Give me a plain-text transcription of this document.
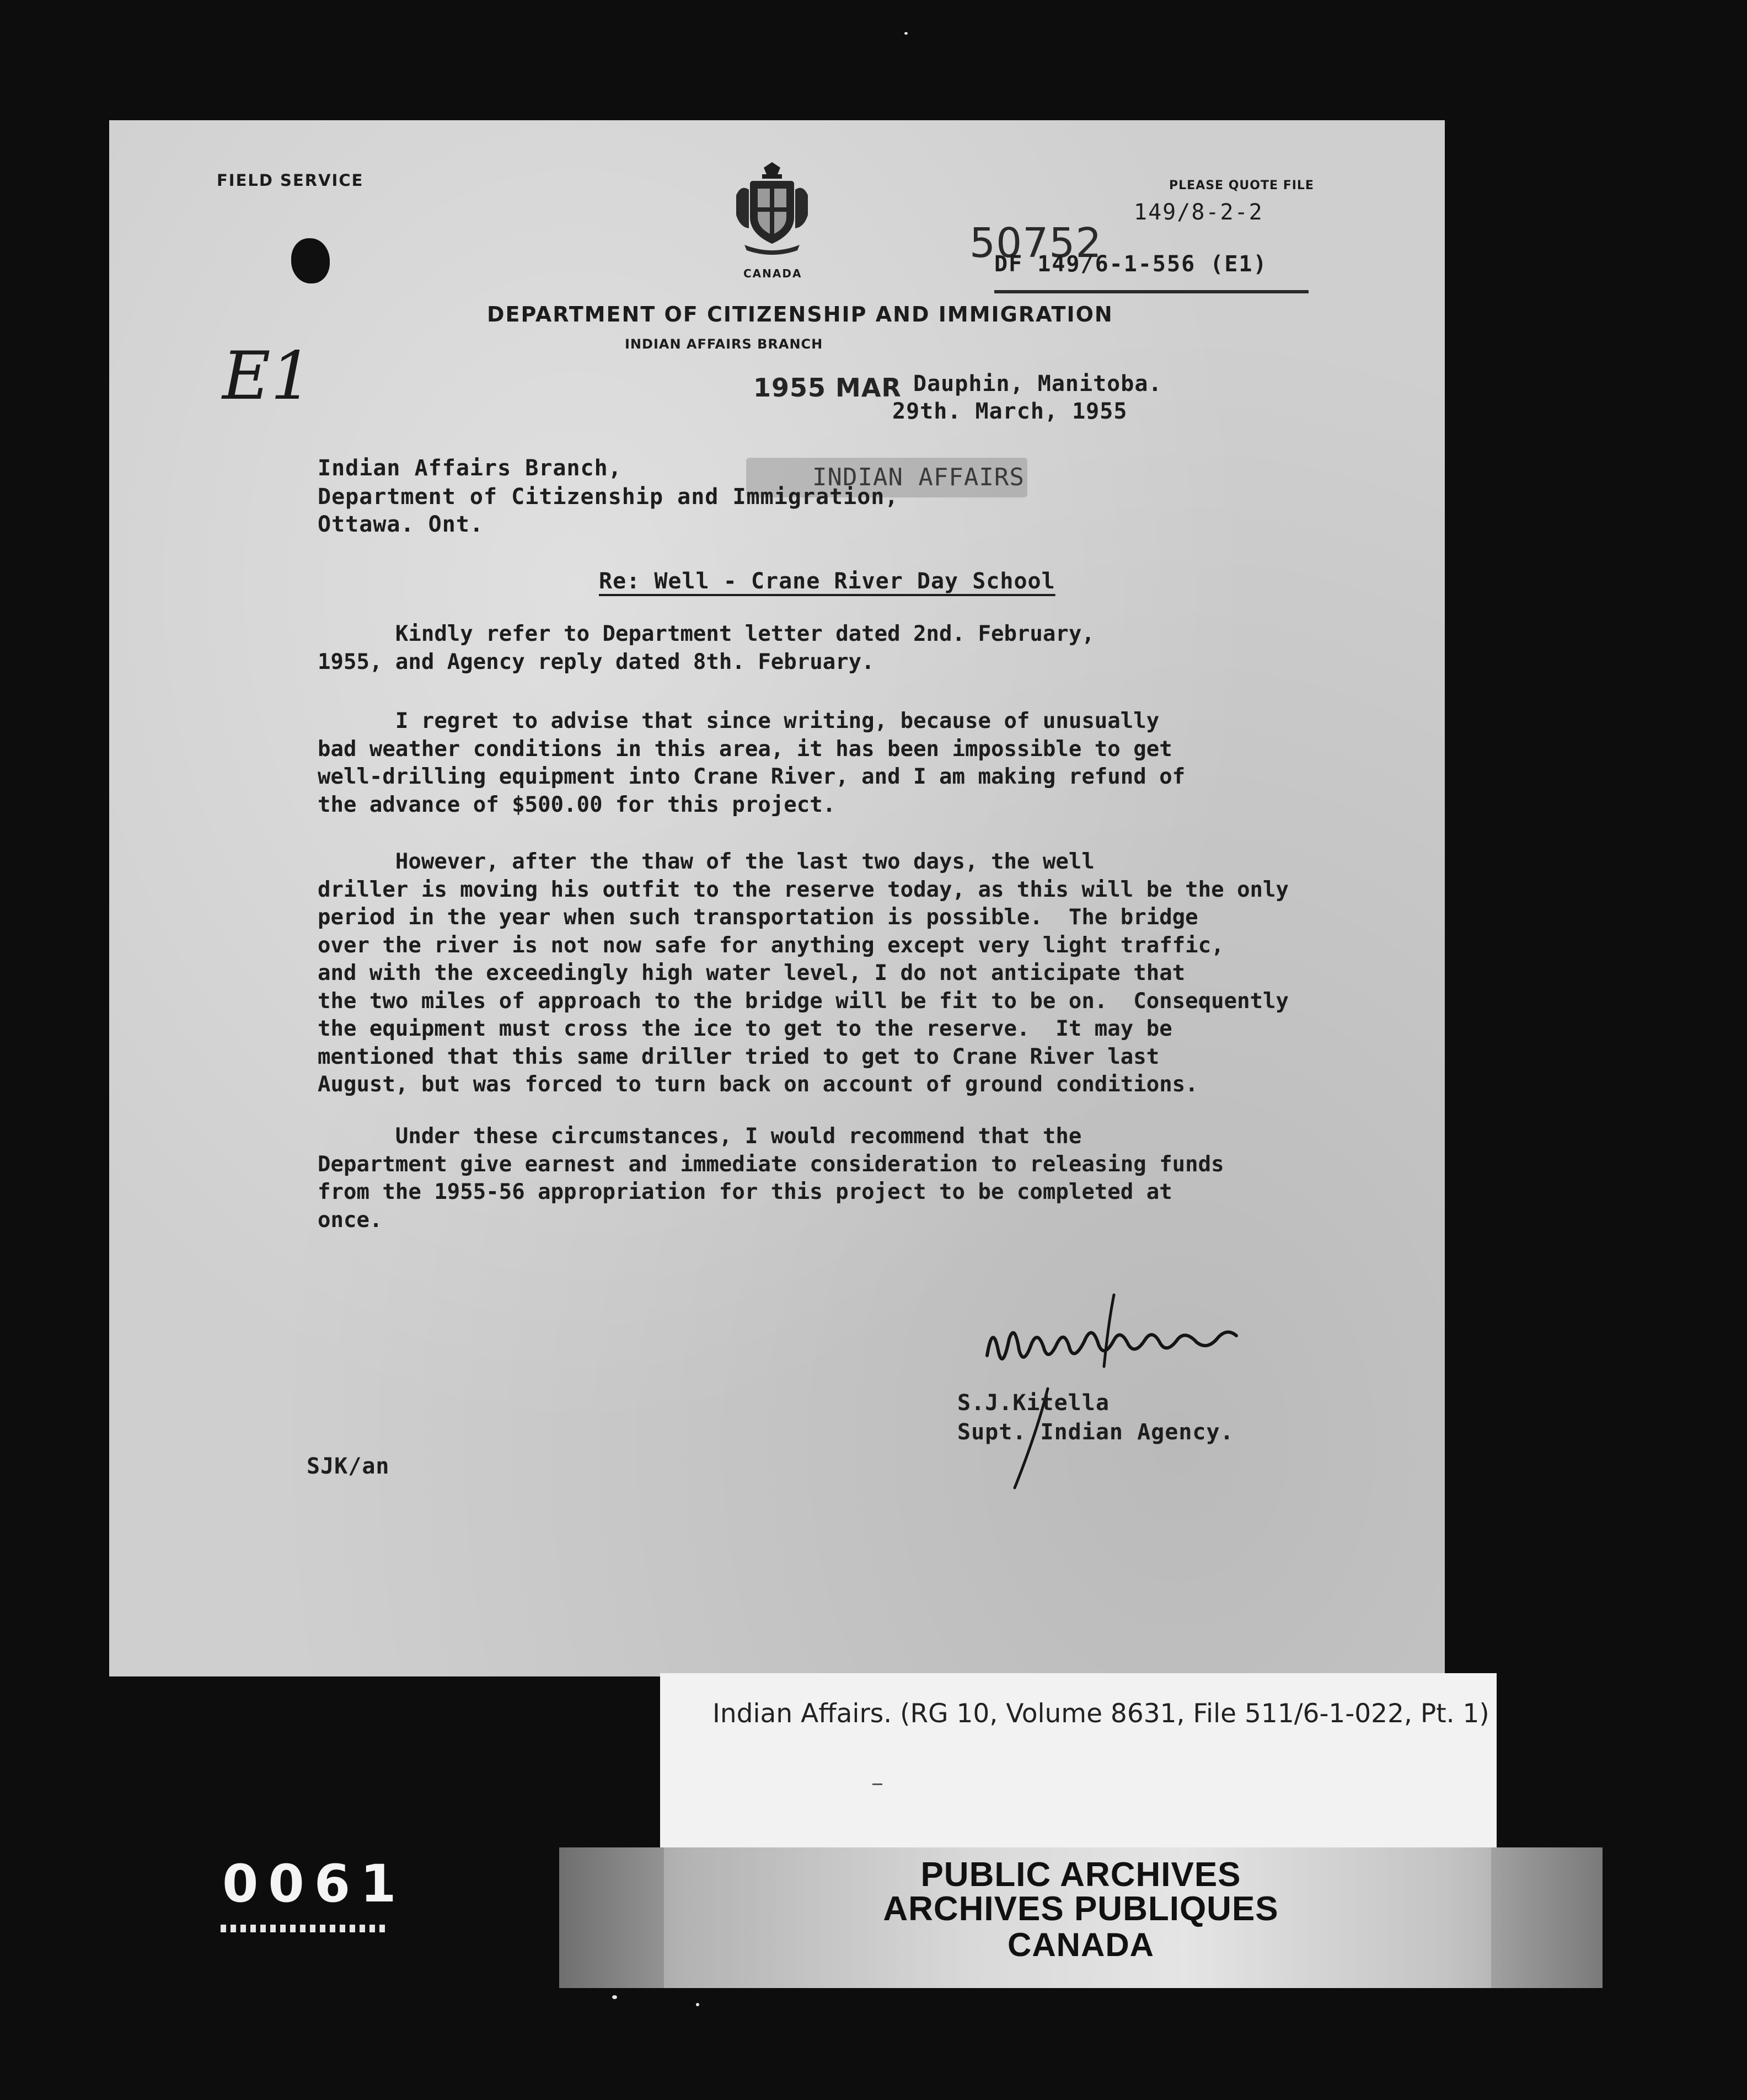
FIELD SERVICE	PLEASE QUOTE FILE
CANADA
DEPARTMENT OF CITIZENSHIP AND IMMIGRATION
INDIAN AFFAIRS BRANCH
149/8-2-2
50752
DF 149/6-1-556 (E1)
E1	1955 MAR Dauphin, Manitoba.
29th. March, 1955
INDIAN AFFAIRS
Indian Affairs Branch,
Department of Citizenship and Immigration,
Ottawa. Ont.
Re: Well - Crane River Day School
Kindly refer to Department letter dated 2nd. February,
1955, and Agency reply dated 8th. February.
I regret to advise that since writing, because of unusually
bad weather conditions in this area, it has been impossible to get
well-drilling equipment into Crane River, and I am making refund of
the advance of $500.00 for this project.
However, after the thaw of the last two days, the well
driller is moving his outfit to the reserve today, as this will be the only
period in the year when such transportation is possible.  The bridge
over the river is not now safe for anything except very light traffic,
and with the exceedingly high water level, I do not anticipate that
the two miles of approach to the bridge will be fit to be on.  Consequently
the equipment must cross the ice to get to the reserve.  It may be
mentioned that this same driller tried to get to Crane River last
August, but was forced to turn back on account of ground conditions.
Under these circumstances, I would recommend that the
Department give earnest and immediate consideration to releasing funds
from the 1955-56 appropriation for this project to be completed at
once.
S.J.Kitella
Supt. Indian Agency.
SJK/an
Indian Affairs. (RG 10, Volume 8631, File 511/6-1-022, Pt. 1)
0061	PUBLIC ARCHIVES
ARCHIVES PUBLIQUES
CANADA
